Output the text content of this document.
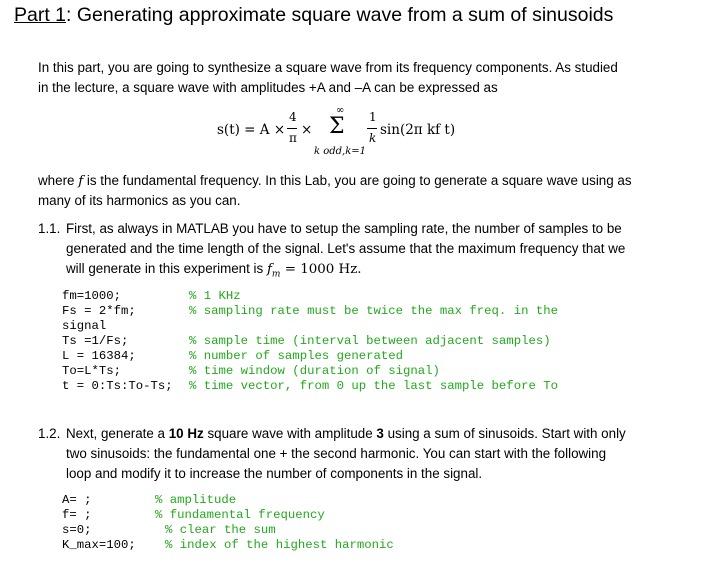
Part 1: Generating approximate square wave from a sum of sinusoids
In this part, you are going to synthesize a square wave from its frequency components. As studied
in the lecture, a square wave with amplitudes +A and –A can be expressed as
s(t) = A ×
4
π ×
∞
Σ
k odd,k=1
1
k sin(2π kf t)
where f is the fundamental frequency. In this Lab, you are going to generate a square wave using as
many of its harmonics as you can.
1.1. First, as always in MATLAB you have to setup the sampling rate, the number of samples to be
generated and the time length of the signal. Let's assume that the maximum frequency that we
will generate in this experiment is $f_m = 1000$ Hz.
fm=1000;	% 1 KHz
Fs = 2*fm;	% sampling rate must be twice the max freq. in the
signal
Ts =1/Fs;	% sample time (interval between adjacent samples)
L = 16384;	% number of samples generated
To=L*Ts;	% time window (duration of signal)
t = 0:Ts:To-Ts; % time vector, from 0 up the last sample before To
1.2. Next, generate a 10 Hz square wave with amplitude 3 using a sum of sinusoids. Start with only
two sinusoids: the fundamental one + the second harmonic. You can start with the following
loop and modify it to increase the number of components in the signal.
A= ;	% amplitude
f= ;	% fundamental frequency
s=0;	% clear the sum
K_max=100; % index of the highest harmonic
